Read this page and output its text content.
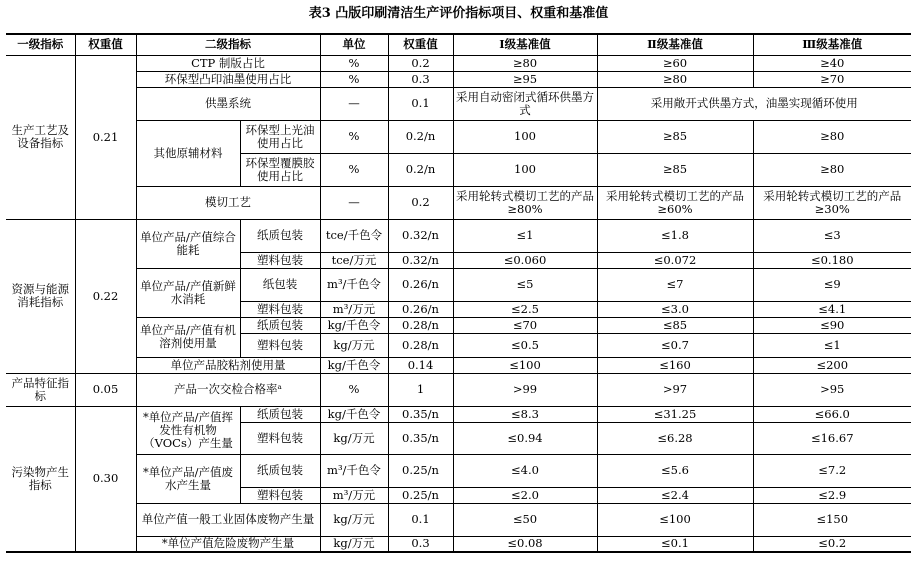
表3 凸版印刷清洁生产评价指标项目、权重和基准值
一级指标	权重值	二级指标		单位	权重值	Ⅰ级基准值	Ⅱ级基准值	Ⅲ级基准值
生产工艺及设备指标	0.21	CTP 制版占比		%	0.2	≥80	≥60	≥40
		环保型凸印油墨使用占比		%	0.3	≥95	≥80	≥70
		供墨系统		—	0.1	采用自动密闭式循环供墨方式	采用敞开式供墨方式，油墨实现循环使用	
		其他原辅材料	环保型上光油使用占比	%	0.2/n	100	≥85	≥80
			环保型覆膜胶使用占比	%	0.2/n	100	≥85	≥80
		模切工艺		—	0.2	采用轮转式模切工艺的产品≥80%	采用轮转式模切工艺的产品≥60%	采用轮转式模切工艺的产品≥30%

资源与能源消耗指标	0.22	单位产品/产值综合能耗	纸质包装	tce/千色令	0.32/n	≤1	≤1.8	≤3
			塑料包装	tce/万元	0.32/n	≤0.060	≤0.072	≤0.180
		单位产品/产值新鲜水消耗	纸包装	m³/千色令	0.26/n	≤5	≤7	≤9
			塑料包装	m³/万元	0.26/n	≤2.5	≤3.0	≤4.1
		单位产品/产值有机溶剂使用量	纸质包装	kg/千色令	0.28/n	≤70	≤85	≤90
			塑料包装	kg/万元	0.28/n	≤0.5	≤0.7	≤1
		单位产品胶粘剂使用量		kg/千色令	0.14	≤100	≤160	≤200
产品特征指标	0.05	产品一次交检合格率ᵃ		%	1	>99	>97	>95
污染物产生指标	0.30	*单位产品/产值挥发性有机物（VOCs）产生量	纸质包装	kg/千色令	0.35/n	≤8.3	≤31.25	≤66.0
			塑料包装	kg/万元	0.35/n	≤0.94	≤6.28	≤16.67
		*单位产品/产值废水产生量	纸质包装	m³/千色令	0.25/n	≤4.0	≤5.6	≤7.2
			塑料包装	m³/万元	0.25/n	≤2.0	≤2.4	≤2.9
		单位产值一般工业固体废物产生量		kg/万元	0.1	≤50	≤100	≤150
		*单位产值危险废物产生量		kg/万元	0.3	≤0.08	≤0.1	≤0.2
